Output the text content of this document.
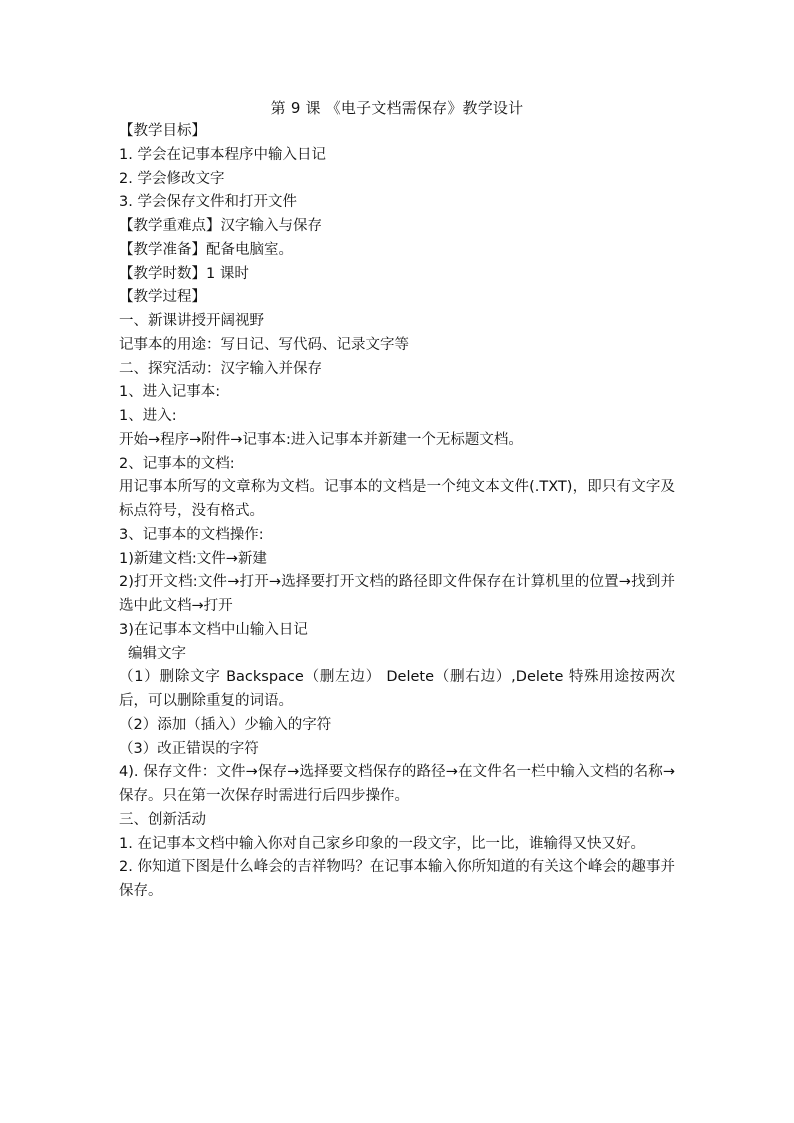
第 9 课 《电子文档需保存》教学设计
【教学目标】
1. 学会在记事本程序中输入日记
2. 学会修改文字
3. 学会保存文件和打开文件
【教学重难点】汉字输入与保存
【教学准备】配备电脑室。
【教学时数】1 课时
【教学过程】
一、新课讲授开阔视野
记事本的用途：写日记、写代码、记录文字等
二、探究活动：汉字输入并保存
1、进入记事本:
1、进入:
开始→程序→附件→记事本:进入记事本并新建一个无标题文档。
2、记事本的文档:
用记事本所写的文章称为文档。记事本的文档是一个纯文本文件(.TXT)，即只有文字及标点符号，没有格式。
3、记事本的文档操作:
1)新建文档:文件→新建
2)打开文档:文件→打开→选择要打开文档的路径即文件保存在计算机里的位置→找到并选中此文档→打开
3)在记事本文档中山输入日记
编辑文字
（1）删除文字 Backspace（删左边） Delete（删右边）,Delete 特殊用途按两次后，可以删除重复的词语。
（2）添加（插入）少输入的字符
（3）改正错误的字符
4). 保存文件：文件→保存→选择要文档保存的路径→在文件名一栏中输入文档的名称→保存。只在第一次保存时需进行后四步操作。
三、创新活动
1. 在记事本文档中输入你对自己家乡印象的一段文字，比一比，谁输得又快又好。
2. 你知道下图是什么峰会的吉祥物吗？在记事本输入你所知道的有关这个峰会的趣事并保存。
